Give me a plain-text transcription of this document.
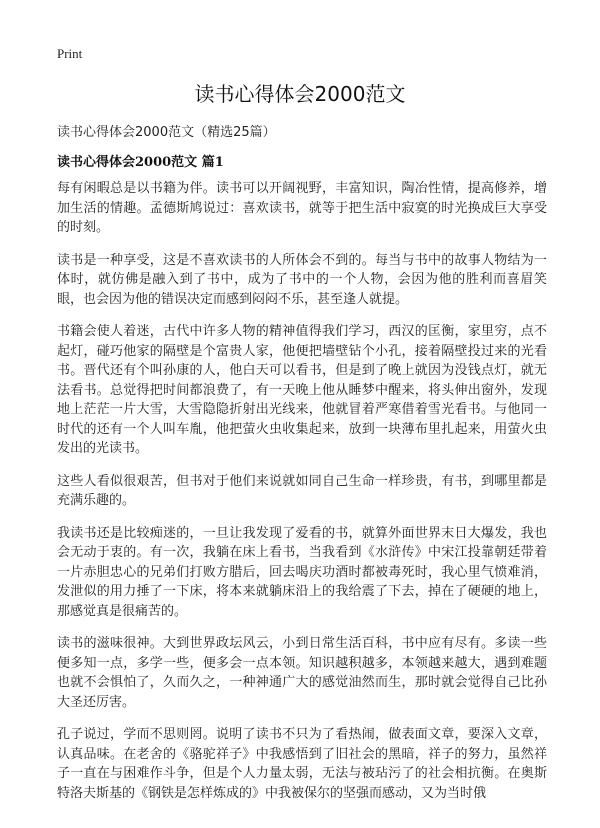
Print
读书心得体会2000范文
读书心得体会2000范文（精选25篇）
读书心得体会2000范文 篇1

每有闲暇总是以书籍为伴。读书可以开阔视野，丰富知识，陶冶性情，提高修养，增加生活的情趣。孟德斯鸠说过：喜欢读书，就等于把生活中寂寞的时光换成巨大享受的时刻。

读书是一种享受，这是不喜欢读书的人所体会不到的。每当与书中的故事人物结为一体时，就仿佛是融入到了书中，成为了书中的一个人物，会因为他的胜利而喜眉笑眼，也会因为他的错误决定而感到闷闷不乐，甚至逢人就提。

书籍会使人着迷，古代中许多人物的精神值得我们学习，西汉的匡衡，家里穷，点不起灯，碰巧他家的隔壁是个富贵人家，他便把墙壁钻个小孔，接着隔壁投过来的光看书。晋代还有个叫孙康的人，他白天可以看书，但是到了晚上就因为没钱点灯，就无法看书。总觉得把时间都浪费了，有一天晚上他从睡梦中醒来，将头伸出窗外，发现地上茫茫一片大雪，大雪隐隐折射出光线来，他就冒着严寒借着雪光看书。与他同一时代的还有一个人叫车胤，他把萤火虫收集起来，放到一块薄布里扎起来，用萤火虫发出的光读书。

这些人看似很艰苦，但书对于他们来说就如同自己生命一样珍贵，有书，到哪里都是充满乐趣的。

我读书还是比较痴迷的，一旦让我发现了爱看的书，就算外面世界末日大爆发，我也会无动于衷的。有一次，我躺在床上看书，当我看到《水浒传》中宋江投靠朝廷带着一片赤胆忠心的兄弟们打败方腊后，回去喝庆功酒时都被毒死时，我心里气愤难消，发泄似的用力捶了一下床，将本来就躺床沿上的我给震了下去，掉在了硬硬的地上，那感觉真是很痛苦的。

读书的滋味很神。大到世界政坛风云，小到日常生活百科，书中应有尽有。多读一些便多知一点，多学一些，便多会一点本领。知识越积越多，本领越来越大，遇到难题也就不会惧怕了，久而久之，一种神通广大的感觉油然而生，那时就会觉得自己比孙大圣还厉害。

孔子说过，学而不思则罔。说明了读书不只为了看热闹，做表面文章，要深入文章，认真品味。在老舍的《骆驼祥子》中我感悟到了旧社会的黑暗，祥子的努力，虽然祥子一直在与困难作斗争，但是个人力量太弱，无法与被玷污了的社会相抗衡。在奥斯特洛夫斯基的《钢铁是怎样炼成的》中我被保尔的坚强而感动，又为当时俄
